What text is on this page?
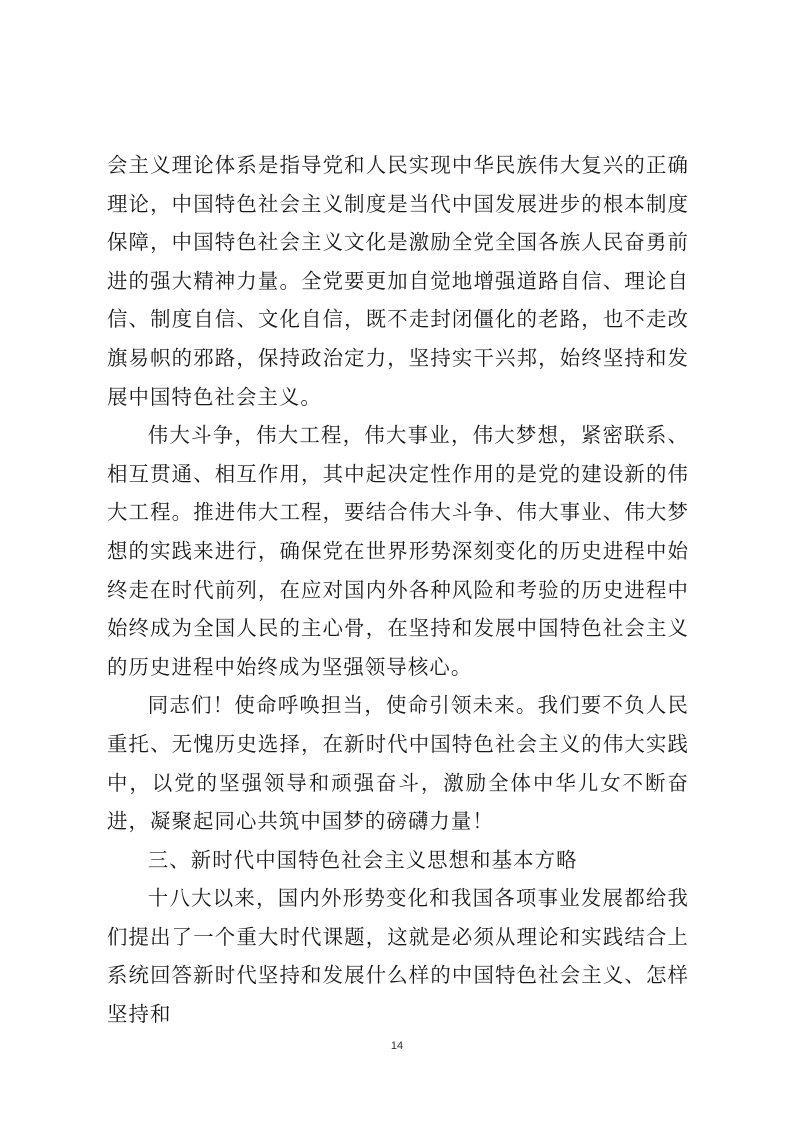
会主义理论体系是指导党和人民实现中华民族伟大复兴的正确理论，中国特色社会主义制度是当代中国发展进步的根本制度保障，中国特色社会主义文化是激励全党全国各族人民奋勇前进的强大精神力量。全党要更加自觉地增强道路自信、理论自信、制度自信、文化自信，既不走封闭僵化的老路，也不走改旗易帜的邪路，保持政治定力，坚持实干兴邦，始终坚持和发展中国特色社会主义。

伟大斗争，伟大工程，伟大事业，伟大梦想，紧密联系、相互贯通、相互作用，其中起决定性作用的是党的建设新的伟大工程。推进伟大工程，要结合伟大斗争、伟大事业、伟大梦想的实践来进行，确保党在世界形势深刻变化的历史进程中始终走在时代前列，在应对国内外各种风险和考验的历史进程中始终成为全国人民的主心骨，在坚持和发展中国特色社会主义的历史进程中始终成为坚强领导核心。

同志们！使命呼唤担当，使命引领未来。我们要不负人民重托、无愧历史选择，在新时代中国特色社会主义的伟大实践中，以党的坚强领导和顽强奋斗，激励全体中华儿女不断奋进，凝聚起同心共筑中国梦的磅礴力量！

三、新时代中国特色社会主义思想和基本方略

十八大以来，国内外形势变化和我国各项事业发展都给我们提出了一个重大时代课题，这就是必须从理论和实践结合上系统回答新时代坚持和发展什么样的中国特色社会主义、怎样坚持和

14
